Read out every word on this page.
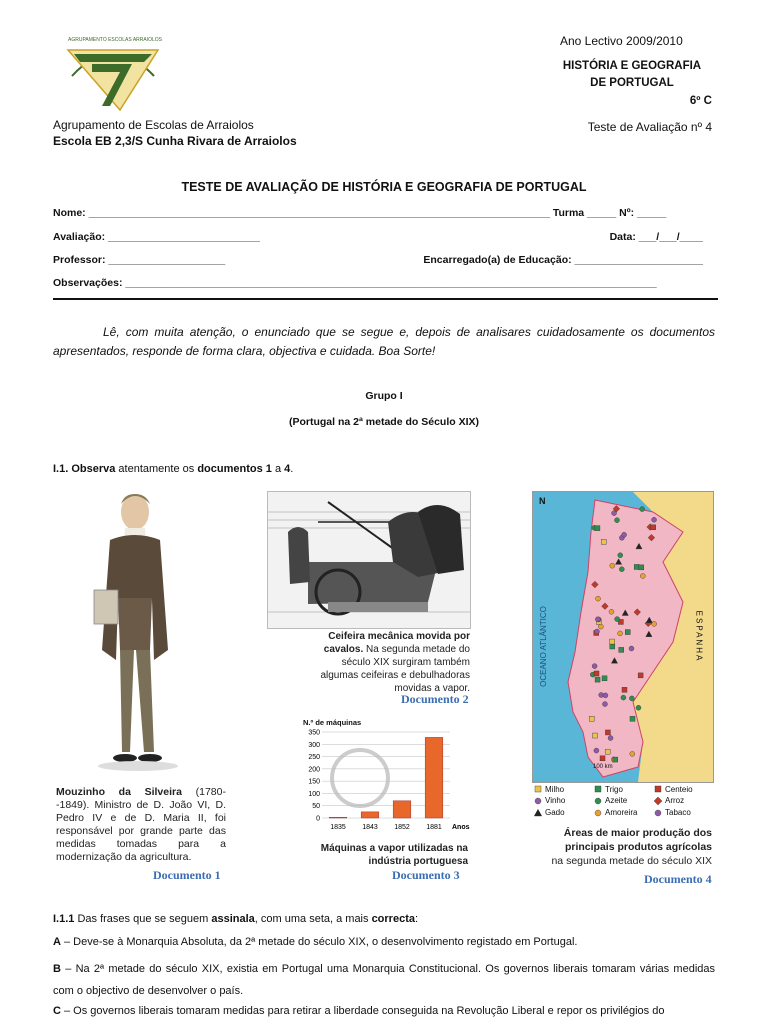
AGRUPAMENTO ESCOLAS ARRAIOLOS	Ano Lectivo 2009/2010
HISTÓRIA E GEOGRAFIA
DE PORTUGAL
6º C
Teste de Avaliação nº 4
Agrupamento de Escolas de Arraiolos
Escola EB 2,3/S Cunha Rivara de Arraiolos
TESTE DE AVALIAÇÃO DE HISTÓRIA E GEOGRAFIA DE PORTUGAL
Nome: _______________________________________________________________________________ Turma _____ Nº: _____
Avaliação: __________________________	Data: ___/___/____
Professor: ____________________	Encarregado(a) de Educação: ______________________
Observações: ___________________________________________________________________________________________
Lê, com muita atenção, o enunciado que se segue e, depois de analisares cuidadosamente os documentos apresentados, responde de forma clara, objectiva e cuidada. Boa Sorte!
Grupo I
(Portugal na 2ª metade do Século XIX)
I.1. Observa atentamente os documentos 1 a 4.
Mouzinho da Silveira (1780--1849). Ministro de D. João VI, D. Pedro IV e de D. Maria II, foi responsável por grande parte das medidas tomadas para a modernização da agricultura.
Documento 1
Ceifeira mecânica movida por cavalos. Na segunda metade do século XIX surgiram também algumas ceifeiras e debulhadoras movidas a vapor.
Documento 2
N.º de máquinas
0
50
100
150
200
250
300
350
1835 1843 1852 1881 Anos
Máquinas a vapor utilizadas na indústria portuguesa
Documento 3
N
OCEANO ATLÂNTICO	ESPANHA
100 km
Milho	Trigo	Centeio
Vinho	Azeite	Arroz
Gado	Amoreira	Tabaco
Áreas de maior produção dos principais produtos agrícolas
na segunda metade do século XIX
Documento 4
I.1.1 Das frases que se seguem assinala, com uma seta, a mais correcta:
A – Deve-se à Monarquia Absoluta, da 2ª metade do século XIX, o desenvolvimento registado em Portugal.
B – Na 2ª metade do século XIX, existia em Portugal uma Monarquia Constitucional. Os governos liberais tomaram várias medidas com o objectivo de desenvolver o país.
C – Os governos liberais tomaram medidas para retirar a liberdade conseguida na Revolução Liberal e repor os privilégios do
